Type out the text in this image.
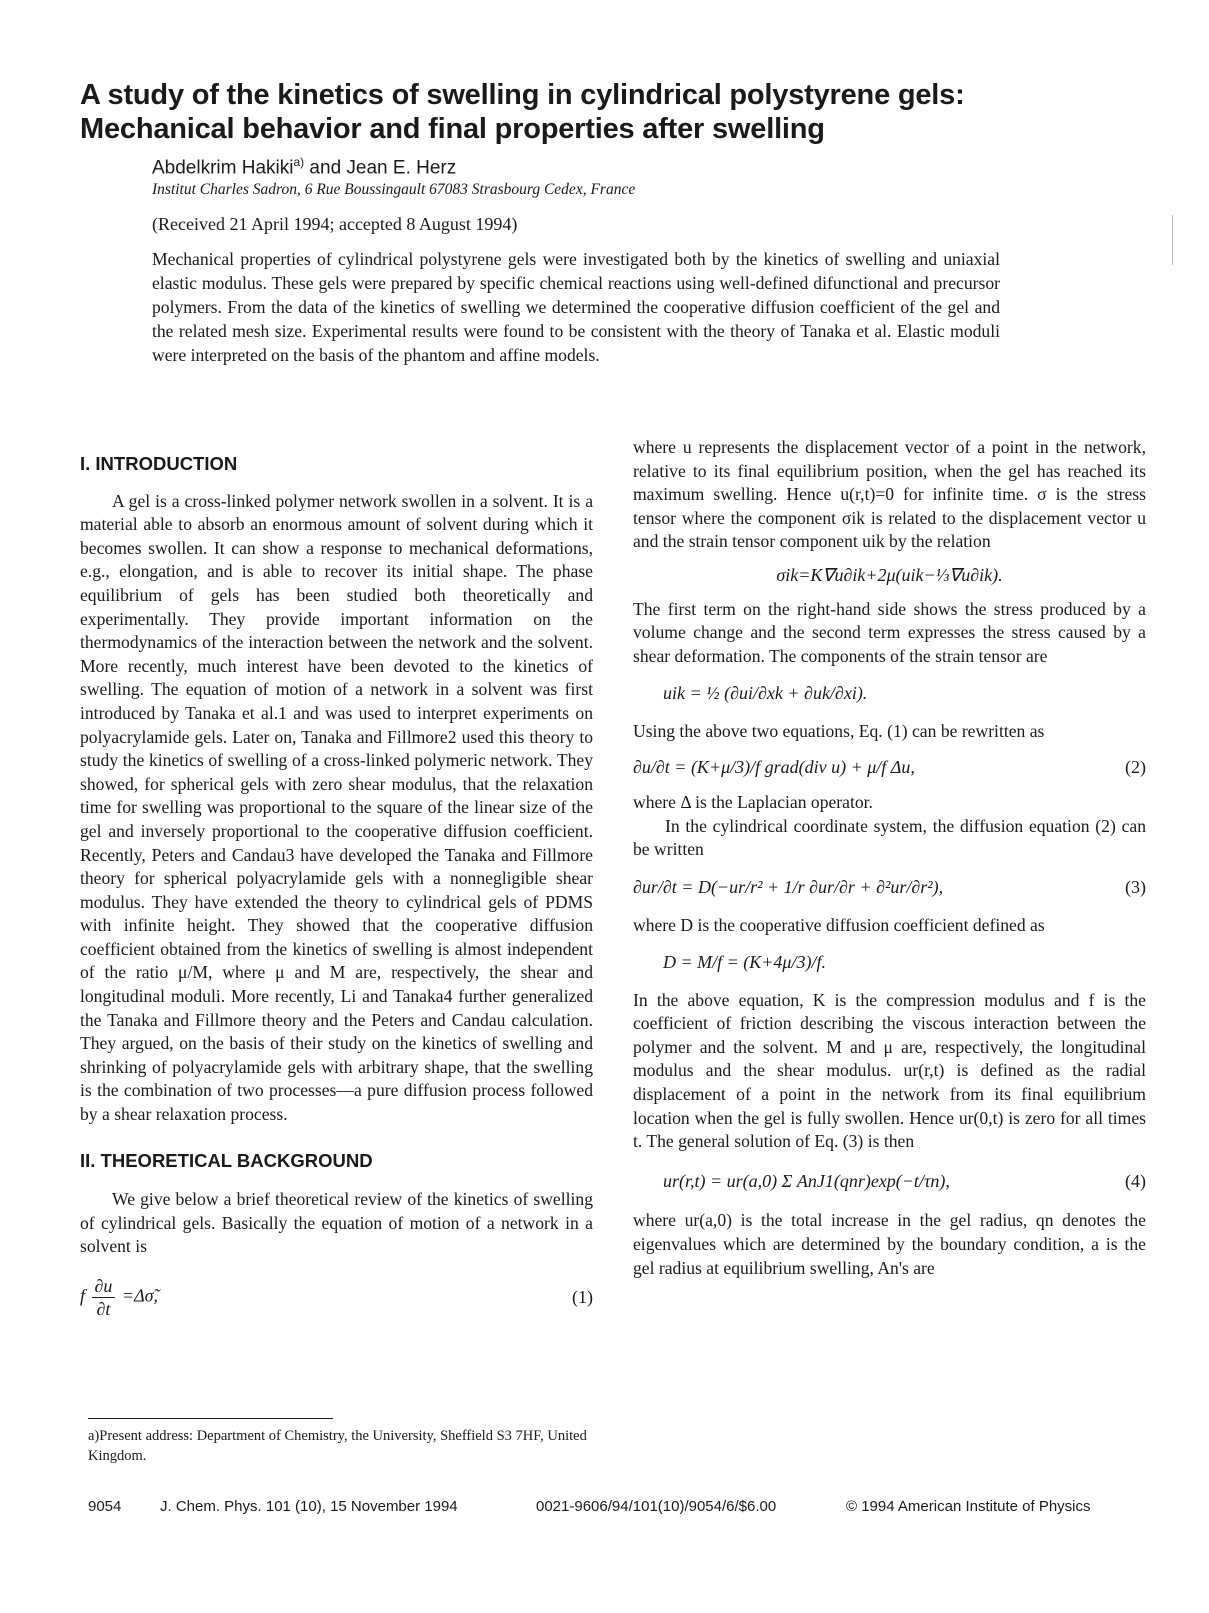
A study of the kinetics of swelling in cylindrical polystyrene gels:
Mechanical behavior and final properties after swelling
Abdelkrim Hakiki$^{a)}$ and Jean E. Herz
Institut Charles Sadron, 6 Rue Boussingault 67083 Strasbourg Cedex, France
(Received 21 April 1994; accepted 8 August 1994)
Mechanical properties of cylindrical polystyrene gels were investigated both by the kinetics of swelling and uniaxial elastic modulus. These gels were prepared by specific chemical reactions using well-defined difunctional and precursor polymers. From the data of the kinetics of swelling we determined the cooperative diffusion coefficient of the gel and the related mesh size. Experimental results were found to be consistent with the theory of Tanaka et al. Elastic moduli were interpreted on the basis of the phantom and affine models.

I. INTRODUCTION

A gel is a cross-linked polymer network swollen in a solvent. It is a material able to absorb an enormous amount of solvent during which it becomes swollen. It can show a response to mechanical deformations, e.g., elongation, and is able to recover its initial shape. The phase equilibrium of gels has been studied both theoretically and experimentally. They provide important information on the thermodynamics of the interaction between the network and the solvent. More recently, much interest have been devoted to the kinetics of swelling. The equation of motion of a network in a solvent was first introduced by Tanaka et al.1 and was used to interpret experiments on polyacrylamide gels. Later on, Tanaka and Fillmore2 used this theory to study the kinetics of swelling of a cross-linked polymeric network. They showed, for spherical gels with zero shear modulus, that the relaxation time for swelling was proportional to the square of the linear size of the gel and inversely proportional to the cooperative diffusion coefficient. Recently, Peters and Candau3 have developed the Tanaka and Fillmore theory for spherical polyacrylamide gels with a nonnegligible shear modulus. They have extended the theory to cylindrical gels of PDMS with infinite height. They showed that the cooperative diffusion coefficient obtained from the kinetics of swelling is almost independent of the ratio μ/M, where μ and M are, respectively, the shear and longitudinal moduli. More recently, Li and Tanaka4 further generalized the Tanaka and Fillmore theory and the Peters and Candau calculation. They argued, on the basis of their study on the kinetics of swelling and shrinking of polyacrylamide gels with arbitrary shape, that the swelling is the combination of two processes—a pure diffusion process followed by a shear relaxation process.

II. THEORETICAL BACKGROUND

We give below a brief theoretical review of the kinetics of swelling of cylindrical gels. Basically the equation of motion of a network in a solvent is

f $\frac{\partial u}{\partial t}$ =Δσ̃,	(1)
a)Present address: Department of Chemistry, the University, Sheffield S3 7HF, United Kingdom.

where u represents the displacement vector of a point in the network, relative to its final equilibrium position, when the gel has reached its maximum swelling. Hence u(r,t)=0 for infinite time. σ is the stress tensor where the component σik is related to the displacement vector u and the strain tensor component uik by the relation

σik=K∇u∂ik+2μ(uik−⅓∇u∂ik).

The first term on the right-hand side shows the stress produced by a volume change and the second term expresses the stress caused by a shear deformation. The components of the strain tensor are

uik = ½ (∂ui/∂xk + ∂uk/∂xi).

Using the above two equations, Eq. (1) can be rewritten as

∂u/∂t = (K+μ/3)/f grad(div u) + μ/f Δu,	(2)

where Δ is the Laplacian operator.

In the cylindrical coordinate system, the diffusion equation (2) can be written

∂ur/∂t = D(−ur/r² + 1/r ∂ur/∂r + ∂²ur/∂r²),	(3)

where D is the cooperative diffusion coefficient defined as

D = M/f = (K+4μ/3)/f.

In the above equation, K is the compression modulus and f is the coefficient of friction describing the viscous interaction between the polymer and the solvent. M and μ are, respectively, the longitudinal modulus and the shear modulus. ur(r,t) is defined as the radial displacement of a point in the network from its final equilibrium location when the gel is fully swollen. Hence ur(0,t) is zero for all times t. The general solution of Eq. (3) is then

ur(r,t) = ur(a,0) Σ AnJ1(qnr)exp(−t/τn),	(4)

where ur(a,0) is the total increase in the gel radius, qn denotes the eigenvalues which are determined by the boundary condition, a is the gel radius at equilibrium swelling, An's are

9054	J. Chem. Phys. 101 (10), 15 November 1994	0021-9606/94/101(10)/9054/6/$6.00	© 1994 American Institute of Physics
